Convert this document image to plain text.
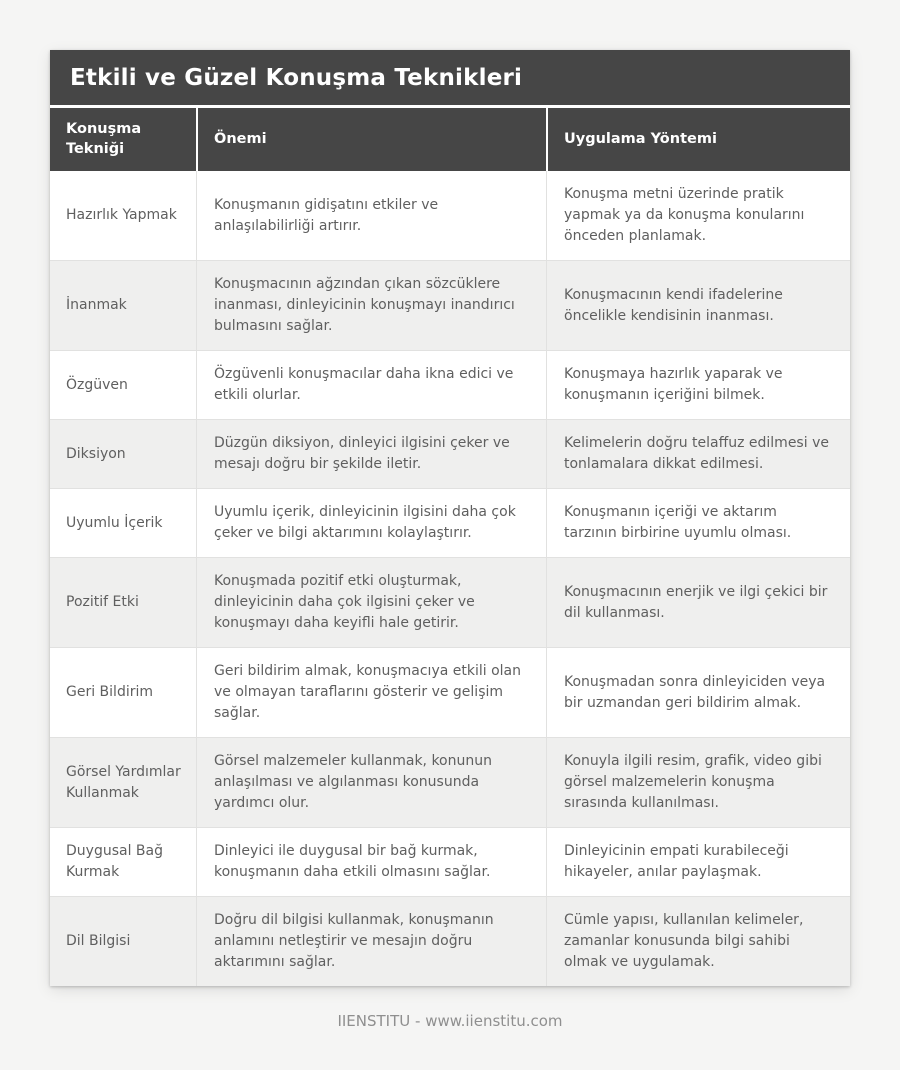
Etkili ve Güzel Konuşma Teknikleri
Konuşma Tekniği
Önemi	Uygulama Yöntemi
Hazırlık Yapmak
Konuşmanın gidişatını etkiler ve anlaşılabilirliği artırır.
Konuşma metni üzerinde pratik yapmak ya da konuşma konularını önceden planlamak.
İnanmak
Konuşmacının ağzından çıkan sözcüklere inanması, dinleyicinin konuşmayı inandırıcı bulmasını sağlar.
Konuşmacının kendi ifadelerine öncelikle kendisinin inanması.
Özgüven
Özgüvenli konuşmacılar daha ikna edici ve etkili olurlar.
Konuşmaya hazırlık yaparak ve konuşmanın içeriğini bilmek.
Diksiyon
Düzgün diksiyon, dinleyici ilgisini çeker ve mesajı doğru bir şekilde iletir.
Kelimelerin doğru telaffuz edilmesi ve tonlamalara dikkat edilmesi.
Uyumlu İçerik
Uyumlu içerik, dinleyicinin ilgisini daha çok çeker ve bilgi aktarımını kolaylaştırır.
Konuşmanın içeriği ve aktarım tarzının birbirine uyumlu olması.
Pozitif Etki
Konuşmada pozitif etki oluşturmak, dinleyicinin daha çok ilgisini çeker ve konuşmayı daha keyifli hale getirir.
Konuşmacının enerjik ve ilgi çekici bir dil kullanması.
Geri Bildirim
Geri bildirim almak, konuşmacıya etkili olan ve olmayan taraflarını gösterir ve gelişim sağlar.
Konuşmadan sonra dinleyiciden veya bir uzmandan geri bildirim almak.
Görsel Yardımlar Kullanmak
Görsel malzemeler kullanmak, konunun anlaşılması ve algılanması konusunda yardımcı olur.
Konuyla ilgili resim, grafik, video gibi görsel malzemelerin konuşma sırasında kullanılması.
Duygusal Bağ Kurmak
Dinleyici ile duygusal bir bağ kurmak, konuşmanın daha etkili olmasını sağlar.
Dinleyicinin empati kurabileceği hikayeler, anılar paylaşmak.
Dil Bilgisi
Doğru dil bilgisi kullanmak, konuşmanın anlamını netleştirir ve mesajın doğru aktarımını sağlar.
Cümle yapısı, kullanılan kelimeler, zamanlar konusunda bilgi sahibi olmak ve uygulamak.
IIENSTITU - www.iienstitu.com
